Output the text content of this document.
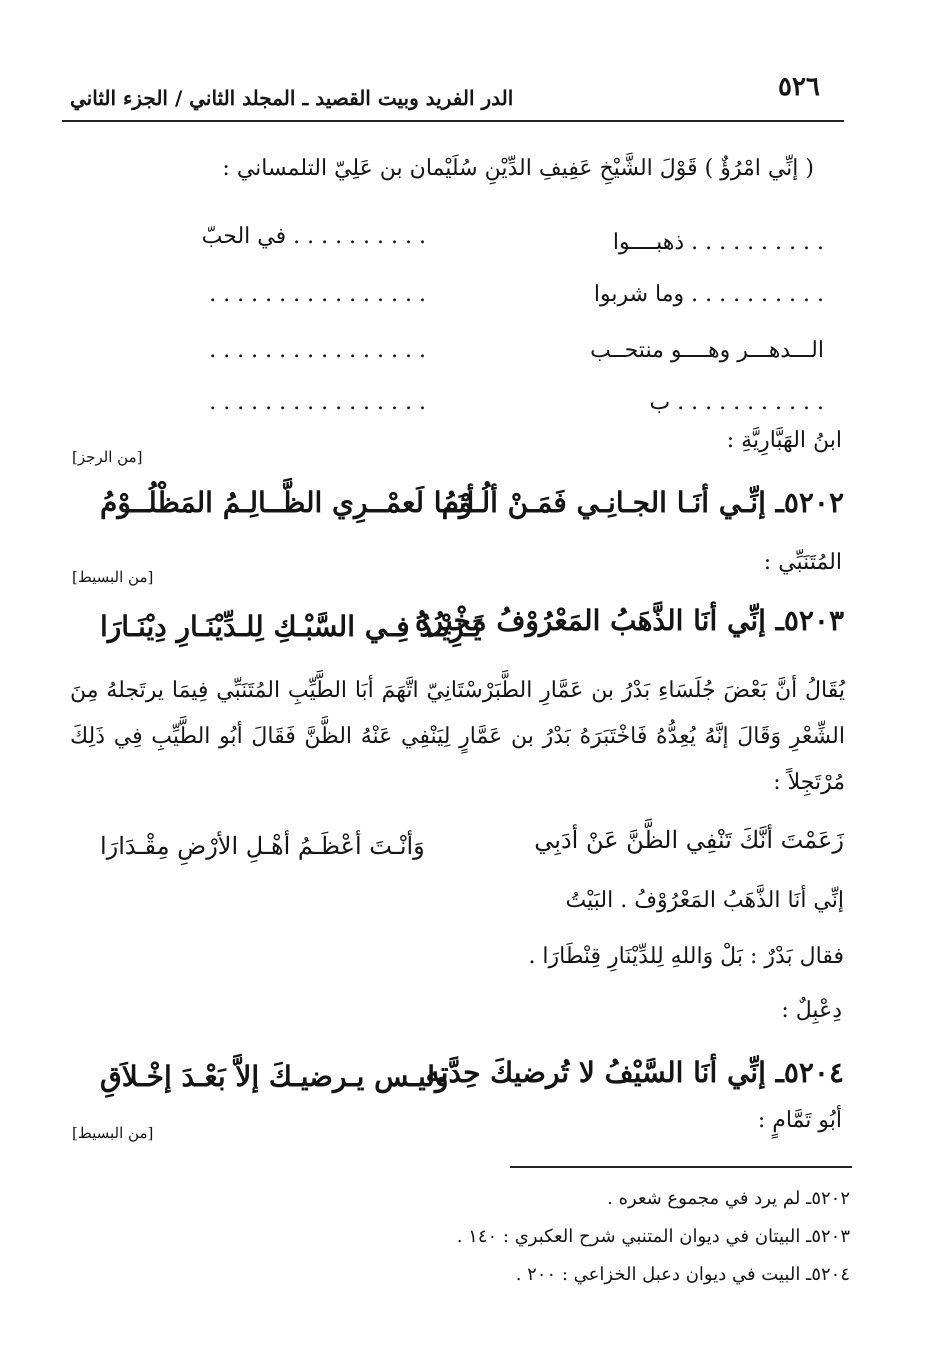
٥٢٦
الدر الفريد وبيت القصيد ـ المجلد الثاني / الجزء الثاني
( إنِّي امْرُؤٌ ) قَوْلَ الشَّيْخِ عَفِيفِ الدِّيْنِ سُلَيْمان بن عَلِيّ التلمساني :
. . . . . . . . . . في الحبّ	. . . . . . . . . . ذهبــــوا
. . . . . . . . . . . . . . . .	. . . . . . . . . . وما شربوا
. . . . . . . . . . . . . . . .	الـــدهـــر وهــــو منتحــب
. . . . . . . . . . . . . . . .	. . . . . . . . . . . ب
ابنُ الهَبَّارِيَّةِ :
[من الرجز]
٥٢٠٢ـ إنِّـي أنَـا الجـانِـي فَمَـنْ ألُـوْمُ
أنَــا لَعمْــرِي الظَّــالِـمُ المَظْلُــوْمُ
المُتَنَبِّي :
[من البسيط]
٥٢٠٣ـ إنِّي أنَا الذَّهَبُ المَعْرُوْفُ مَخْبرُهُ
يَـزِيْـدُ فِـي السَّبْـكِ لِلـدِّيْنَـارِ دِيْنَـارَا
يُقَالُ أنَّ بَعْضَ جُلَسَاءِ بَدْرُ بن عَمَّارِ الطَّبَرْسْتَانِيّ اتَّهَمَ أبَا الطَّيِّبِ المُتَنَبِّي فِيمَا يرتَجلهُ مِنَ الشِّعْرِ وَقَالَ إنَّهُ يُعِدُّهُ فَاخْتَبَرَهُ بَدْرُ بن عَمَّارٍ لِيَنْفِي عَنْهُ الظَّنَّ فَقَالَ أبُو الطَّيِّبِ فِي ذَلِكَ مُرْتَجِلاً :
زَعَمْتَ أنَّكَ تَنْفِي الظَّنَّ عَنْ أدَبِي
وَأنْـتَ أعْظَـمُ أهْـلِ الأرْضِ مِقْـدَارَا
إنِّي أنَا الذَّهَبُ المَعْرُوْفُ . البَيْتُ
فقال بَدْرٌ : بَلْ وَاللهِ لِلدِّيْنَارِ قِنْطَارَا .
دِعْبِلٌ :
٥٢٠٤ـ إنِّي أنَا السَّيْفُ لا تُرضيكَ حِدَّته
وليـس يـرضيـكَ إلاَّ بَعْـدَ إخْـلاَقِ
أبُو تَمَّامٍ :
[من البسيط]
٥٢٠٢ـ لم يرد في مجموع شعره .
٥٢٠٣ـ البيتان في ديوان المتنبي شرح العكبري : ١٤٠ .
٥٢٠٤ـ البيت في ديوان دعبل الخزاعي : ٢٠٠ .
